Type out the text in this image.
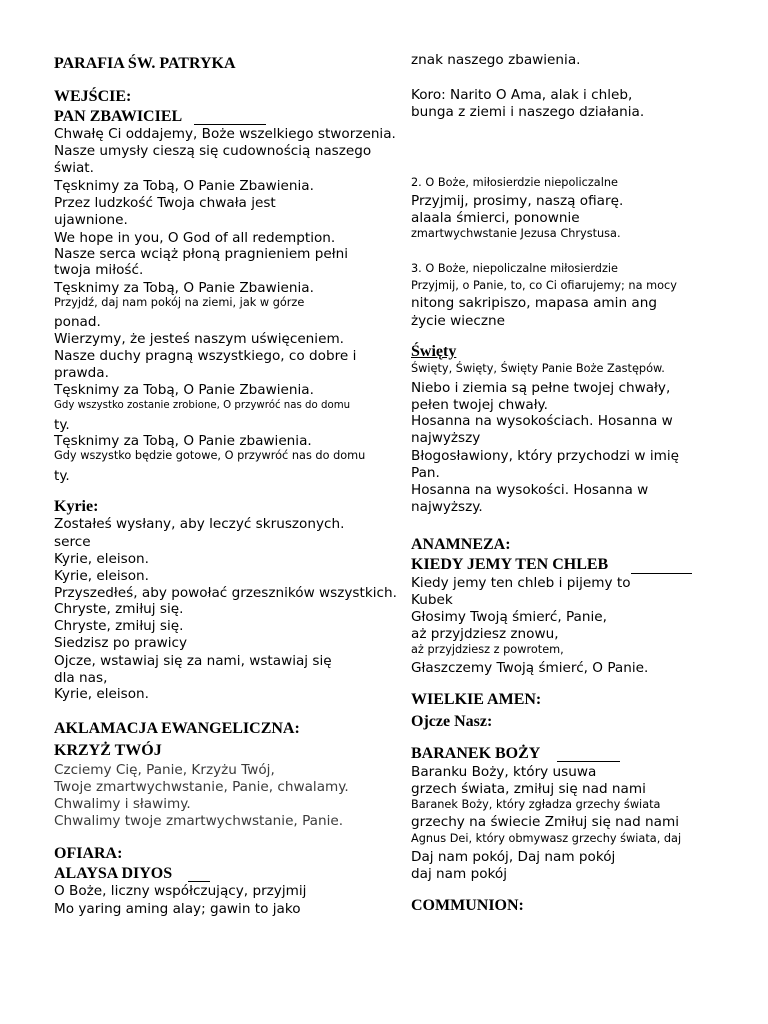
PARAFIA ŚW. PATRYKA
WEJŚCIE:
PAN ZBAWICIEL
Chwałę Ci oddajemy, Boże wszelkiego stworzenia.
Nasze umysły cieszą się cudownością naszego
świat.
Tęsknimy za Tobą, O Panie Zbawienia.
Przez ludzkość Twoja chwała jest
ujawnione.
We hope in you, O God of all redemption.
Nasze serca wciąż płoną pragnieniem pełni
twoja miłość.
Tęsknimy za Tobą, O Panie Zbawienia.
Przyjdź, daj nam pokój na ziemi, jak w górze
ponad.
Wierzymy, że jesteś naszym uświęceniem.
Nasze duchy pragną wszystkiego, co dobre i
prawda.
Tęsknimy za Tobą, O Panie Zbawienia.
Gdy wszystko zostanie zrobione, O przywróć nas do domu
ty.
Tęsknimy za Tobą, O Panie zbawienia.
Gdy wszystko będzie gotowe, O przywróć nas do domu
ty.
Kyrie:
Zostałeś wysłany, aby leczyć skruszonych.
serce
Kyrie, eleison.
Kyrie, eleison.
Przyszedłeś, aby powołać grzeszników wszystkich.
Chryste, zmiłuj się.
Chryste, zmiłuj się.
Siedzisz po prawicy
Ojcze, wstawiaj się za nami, wstawiaj się
dla nas,
Kyrie, eleison.
AKLAMACJA EWANGELICZNA:
KRZYŻ TWÓJ
Czciemy Cię, Panie, Krzyżu Twój,
Twoje zmartwychwstanie, Panie, chwalamy.
Chwalimy i sławimy.
Chwalimy twoje zmartwychwstanie, Panie.
OFIARA:
ALAYSA DIYOS
O Boże, liczny współczujący, przyjmij
Mo yaring aming alay; gawin to jako
znak naszego zbawienia.
Koro: Narito O Ama, alak i chleb,
bunga z ziemi i naszego działania.
2. O Boże, miłosierdzie niepoliczalne
Przyjmij, prosimy, naszą ofiarę.
alaala śmierci, ponownie
zmartwychwstanie Jezusa Chrystusa.
3. O Boże, niepoliczalne miłosierdzie
Przyjmij, o Panie, to, co Ci ofiarujemy; na mocy
nitong sakripiszo, mapasa amin ang
życie wieczne
Święty
Święty, Święty, Święty Panie Boże Zastępów.
Niebo i ziemia są pełne twojej chwały,
pełen twojej chwały.
Hosanna na wysokościach. Hosanna w
najwyższy
Błogosławiony, który przychodzi w imię
Pan.
Hosanna na wysokości. Hosanna w
najwyższy.
ANAMNEZA:
KIEDY JEMY TEN CHLEB
Kiedy jemy ten chleb i pijemy to
Kubek
Głosimy Twoją śmierć, Panie,
aż przyjdziesz znowu,
aż przyjdziesz z powrotem,
Głaszczemy Twoją śmierć, O Panie.
WIELKIE AMEN:
Ojcze Nasz:
BARANEK BOŻY
Baranku Boży, który usuwa
grzech świata, zmiłuj się nad nami
Baranek Boży, który zgładza grzechy świata
grzechy na świecie Zmiłuj się nad nami
Agnus Dei, który obmywasz grzechy świata, daj
Daj nam pokój, Daj nam pokój
daj nam pokój
COMMUNION:
